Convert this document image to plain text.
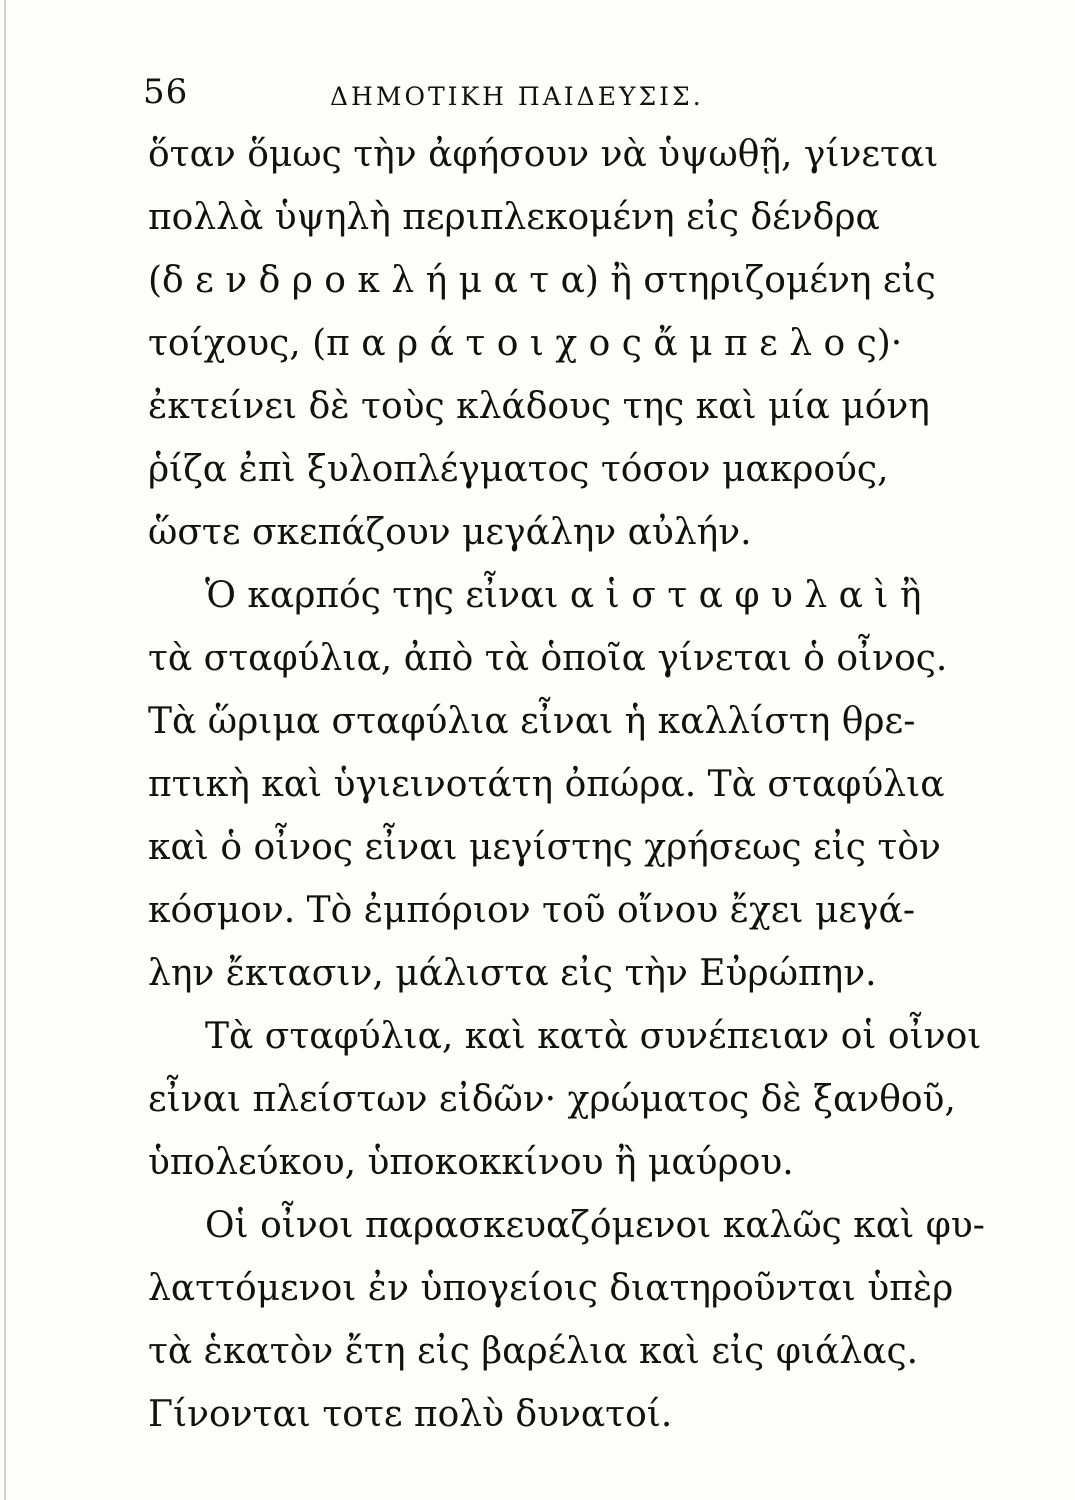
56	ΔΗΜΟΤΙΚΗ ΠΑΙΔΕΥΣΙΣ.
ὅταν ὅμως τὴν ἀφήσουν νὰ ὑψωθῇ, γίνεται
πολλὰ ὑψηλὴ περιπλεκομένη εἰς δένδρα
(δ ε ν δ ρ ο κ λ ή μ α τ α) ἢ στηριζομένη εἰς
τοίχους, (π α ρ ά τ ο ι χ ο ς ἄ μ π ε λ ο ς)·
ἐκτείνει δὲ τοὺς κλάδους της καὶ μία μόνη
ῥίζα ἐπὶ ξυλοπλέγματος τόσον μακρούς,
ὥστε σκεπάζουν μεγάλην αὐλήν.
Ὁ καρπός της εἶναι α ἱ σ τ α φ υ λ α ὶ ἢ
τὰ σταφύλια, ἀπὸ τὰ ὁποῖα γίνεται ὁ οἶνος.
Τὰ ὥριμα σταφύλια εἶναι ἡ καλλίστη θρε-
πτικὴ καὶ ὑγιεινοτάτη ὀπώρα. Τὰ σταφύλια
καὶ ὁ οἶνος εἶναι μεγίστης χρήσεως εἰς τὸν
κόσμον. Τὸ ἐμπόριον τοῦ οἴνου ἔχει μεγά-
λην ἔκτασιν, μάλιστα εἰς τὴν Εὐρώπην.
Τὰ σταφύλια, καὶ κατὰ συνέπειαν οἱ οἶνοι
εἶναι πλείστων εἰδῶν· χρώματος δὲ ξανθοῦ,
ὑπολεύκου, ὑποκοκκίνου ἢ μαύρου.
Οἱ οἶνοι παρασκευαζόμενοι καλῶς καὶ φυ-
λαττόμενοι ἐν ὑπογείοις διατηροῦνται ὑπὲρ
τὰ ἑκατὸν ἔτη εἰς βαρέλια καὶ εἰς φιάλας.
Γίνονται τοτε πολὺ δυνατοί.
